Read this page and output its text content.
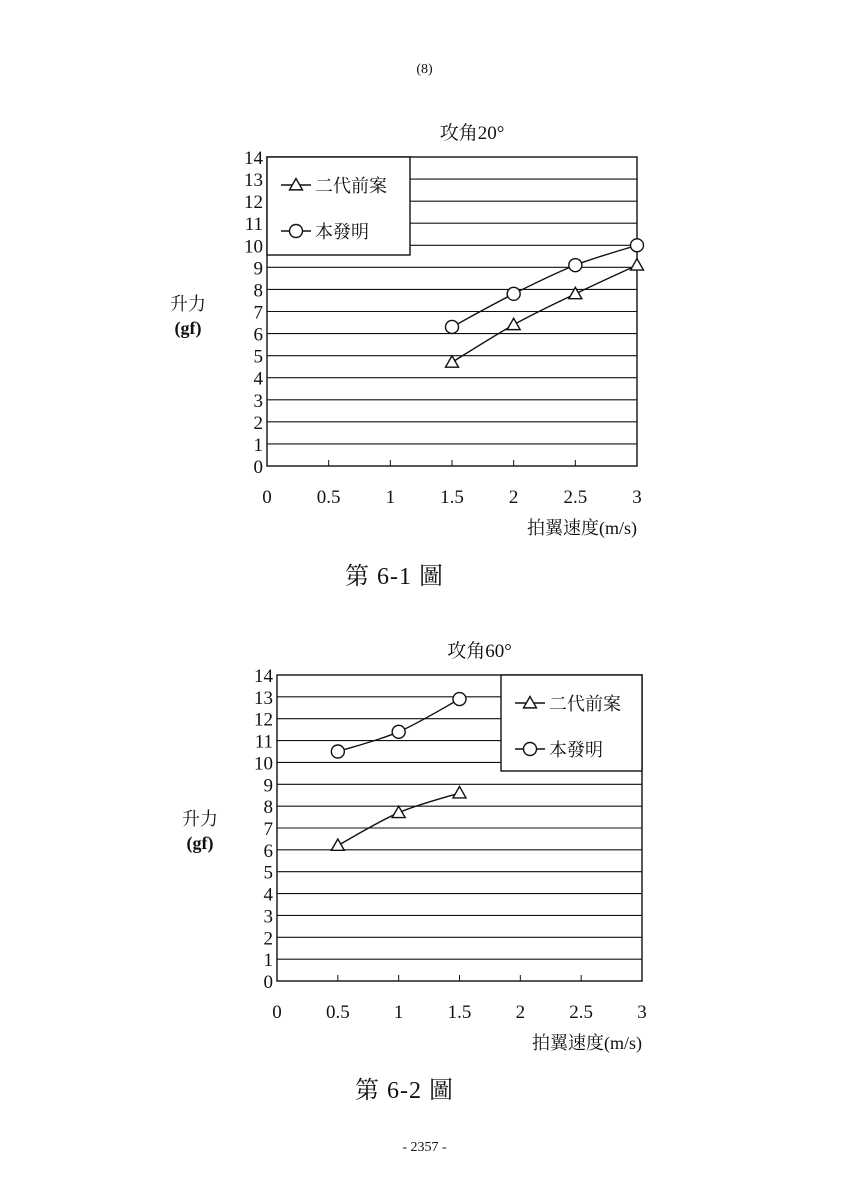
(8)
攻角20°
0
1
2
3
4
5
6
7
8
9
10
11
12
13
14
0 0.5 1 1.5 2 2.5 3
拍翼速度(m/s)
升力
(gf)
二代前案
本發明
第 6-1 圖
攻角60°
0
1
2
3
4
5
6
7
8
9
10
11
12
13
14
0 0.5 1 1.5 2 2.5 3
拍翼速度(m/s)
升力
(gf)
二代前案
本發明
第 6-2 圖
- 2357 -
